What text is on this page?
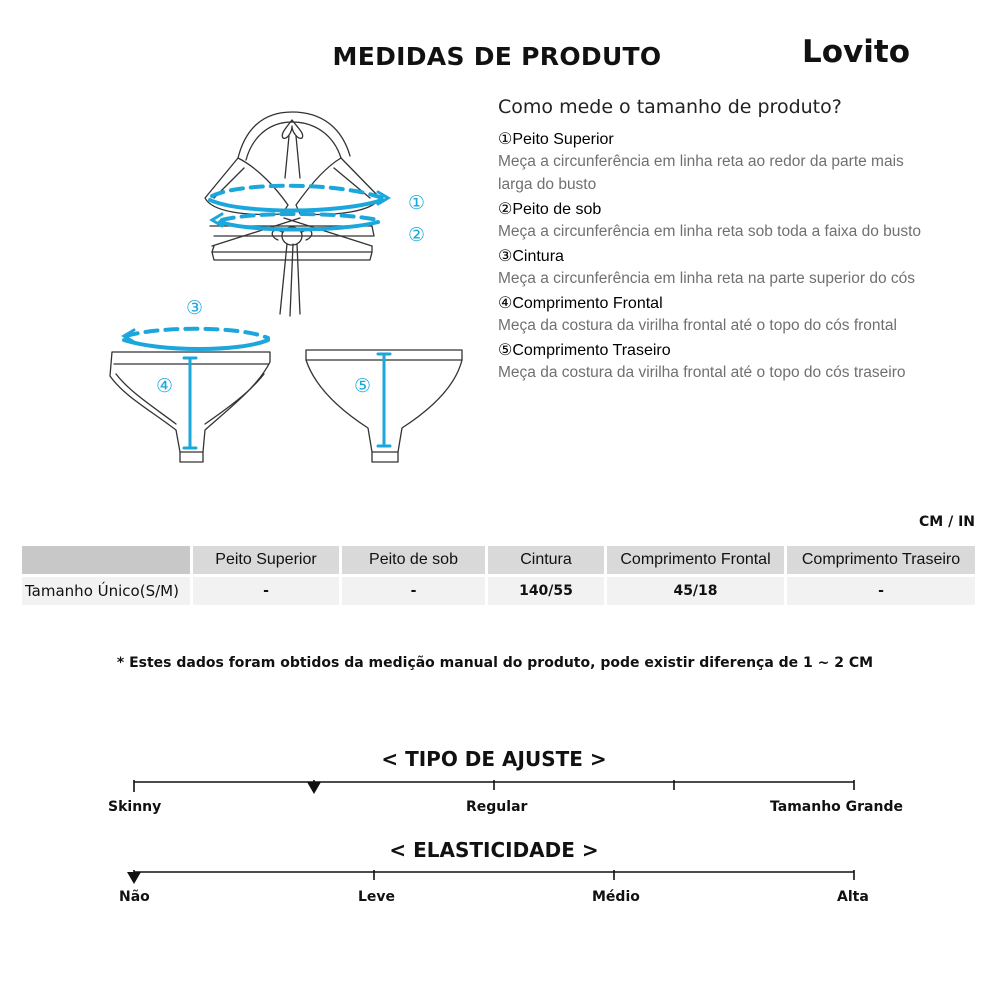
MEDIDAS DE PRODUTO	Lovito
①
②
③
④	⑤
Como mede o tamanho de produto?
①Peito Superior
Meça a circunferência em linha reta ao redor da parte mais larga do busto
②Peito de sob
Meça a circunferência em linha reta sob toda a faixa do busto
③Cintura
Meça a circunferência em linha reta na parte superior do cós
④Comprimento Frontal
Meça da costura da virilha frontal até o topo do cós frontal
⑤Comprimento Traseiro
Meça da costura da virilha frontal até o topo do cós traseiro
CM / IN
	Peito Superior	Peito de sob	Cintura	Comprimento Frontal	Comprimento Traseiro
Tamanho Único(S/M)	-	-	140/55	45/18	-
* Estes dados foram obtidos da medição manual do produto, pode existir diferença de 1 ~ 2 CM
< TIPO DE AJUSTE >
Skinny	Regular	Tamanho Grande
< ELASTICIDADE >
Não	Leve	Médio	Alta
